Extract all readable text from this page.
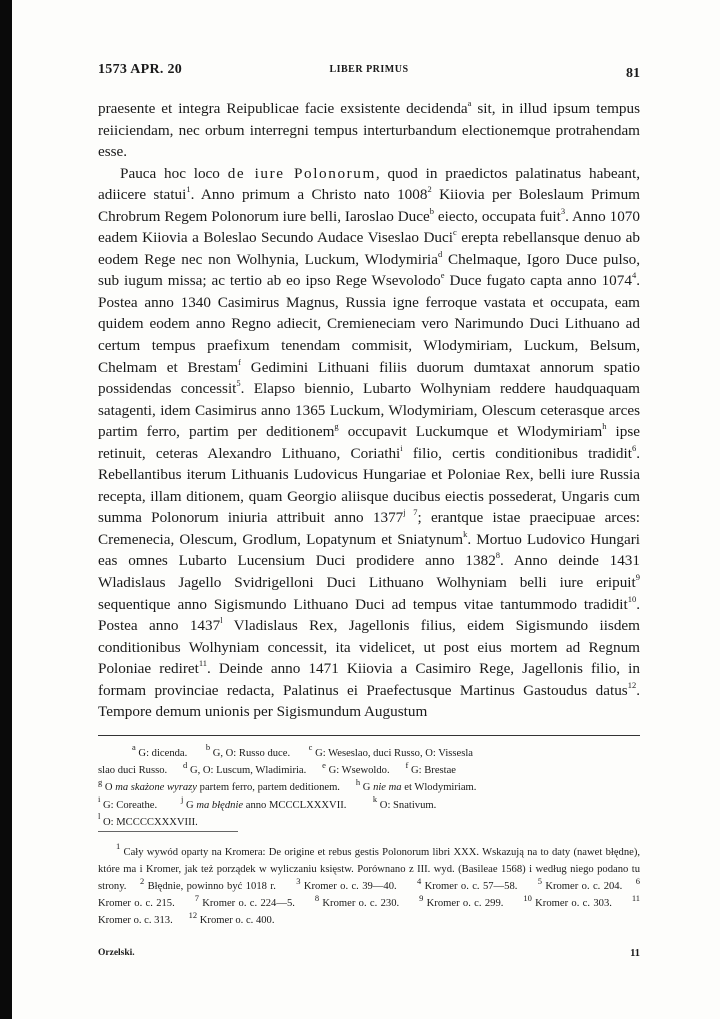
1573 APR. 20	LIBER PRIMUS	81

praesente et integra Reipublicae facie exsistente decidenda$^a$ sit, in illud ipsum tempus reiiciendam, nec orbum interregni tempus interturbandum electionemque protrahendam esse.

Pauca hoc loco de iure Polonorum, quod in praedictos palatinatus habeant, adiicere statui$^1$. Anno primum a Christo nato 1008$^2$ Kiiovia per Boleslaum Primum Chrobrum Regem Polonorum iure belli, Iaroslao Duce$^b$ eiecto, occupata fuit$^3$. Anno 1070 eadem Kiiovia a Boleslao Secundo Audace Viseslao Duci$^c$ erepta rebellansque denuo ab eodem Rege nec non Wolhynia, Luckum, Wlodymiria$^d$ Chelmaque, Igoro Duce pulso, sub iugum missa; ac tertio ab eo ipso Rege Wsevolodo$^e$ Duce fugato capta anno 1074$^4$. Postea anno 1340 Casimirus Magnus, Russia igne ferroque vastata et occupata, eam quidem eodem anno Regno adiecit, Cremieneciam vero Narimundo Duci Lithuano ad certum tempus praefixum tenendam commisit, Wlodymiriam, Luckum, Belsum, Chelmam et Brestam$^f$ Gedimini Lithuani filiis duorum dumtaxat annorum spatio possidendas concessit$^5$. Elapso biennio, Lubarto Wolhyniam reddere haudquaquam satagenti, idem Casimirus anno 1365 Luckum, Wlodymiriam, Olescum ceterasque arces partim ferro, partim per deditionem$^g$ occupavit Luckumque et Wlodymiriam$^h$ ipse retinuit, ceteras Alexandro Lithuano, Coriathi$^i$ filio, certis conditionibus tradidit$^6$. Rebellantibus iterum Lithuanis Ludovicus Hungariae et Poloniae Rex, belli iure Russia recepta, illam ditionem, quam Georgio aliisque ducibus eiectis possederat, Ungaris cum summa Polonorum iniuria attribuit anno $1377^{j 7}$; erantque istae praecipuae arces: Cremenecia, Olescum, Grodlum, Lopatynum et Sniatynum$^k$. Mortuo Ludovico Hungari eas omnes Lubarto Lucensium Duci prodidere anno 1382$^8$. Anno deinde 1431 Wladislaus Jagello Svidrigelloni Duci Lithuano Wolhyniam belli iure eripuit$^9$ sequentique anno Sigismundo Lithuano Duci ad tempus vitae tantummodo tradidit$^{10}$. Postea anno 1437$^l$ Vladislaus Rex, Jagellonis filius, eidem Sigismundo iisdem conditionibus Wolhyniam concessit, ita videlicet, ut post eius mortem ad Regnum Poloniae rediret$^{11}$. Deinde anno 1471 Kiiovia a Casimiro Rege, Jagellonis filio, in formam provinciae redacta, Palatinus ei Praefectusque Martinus Gastoudus datus$^{12}$. Tempore demum unionis per Sigismundum Augustum

$^a$ G: dicenda.       $^b$ G, O: Russo duce.       $^c$ G: Weseslao, duci Russo, O: Vissesla
slao duci Russo.      $^d$ G, O: Luscum, Wladimiria.      $^e$ G: Wsewoldo.      $^f$ G: Brestae
$^g$ O ma skażone wyrazy partem ferro, partem deditionem.      $^h$ G nie ma et Wlodymiriam.
$^i$ G: Coreathe.         $^j$ G ma błędnie anno MCCCLXXXVII.          $^k$ O: Snativum.
$^l$ O: MCCCCXXXVIII.

$^1$ Cały wywód oparty na Kromera: De origine et rebus gestis Polonorum libri XXX. Wskazują na to daty (nawet błędne), które ma i Kromer, jak też porządek w wyliczaniu księstw. Porównano z III. wyd. (Basileae 1568) i według niego podano tu strony.    $^2$ Błędnie, powinno być 1018 r.      $^3$ Kromer o. c. 39—40.      $^4$ Kromer o. c. 57—58.      $^5$ Kromer o. c. 204.    $^6$ Kromer o. c. 215.      $^7$ Kromer o. c. 224—5.      $^8$ Kromer o. c. 230.      $^9$ Kromer o. c. 299.      $^{10}$ Kromer o. c. 303.      $^{11}$ Kromer o. c. 313.      $^{12}$ Kromer o. c. 400.

Orzelski.	11
